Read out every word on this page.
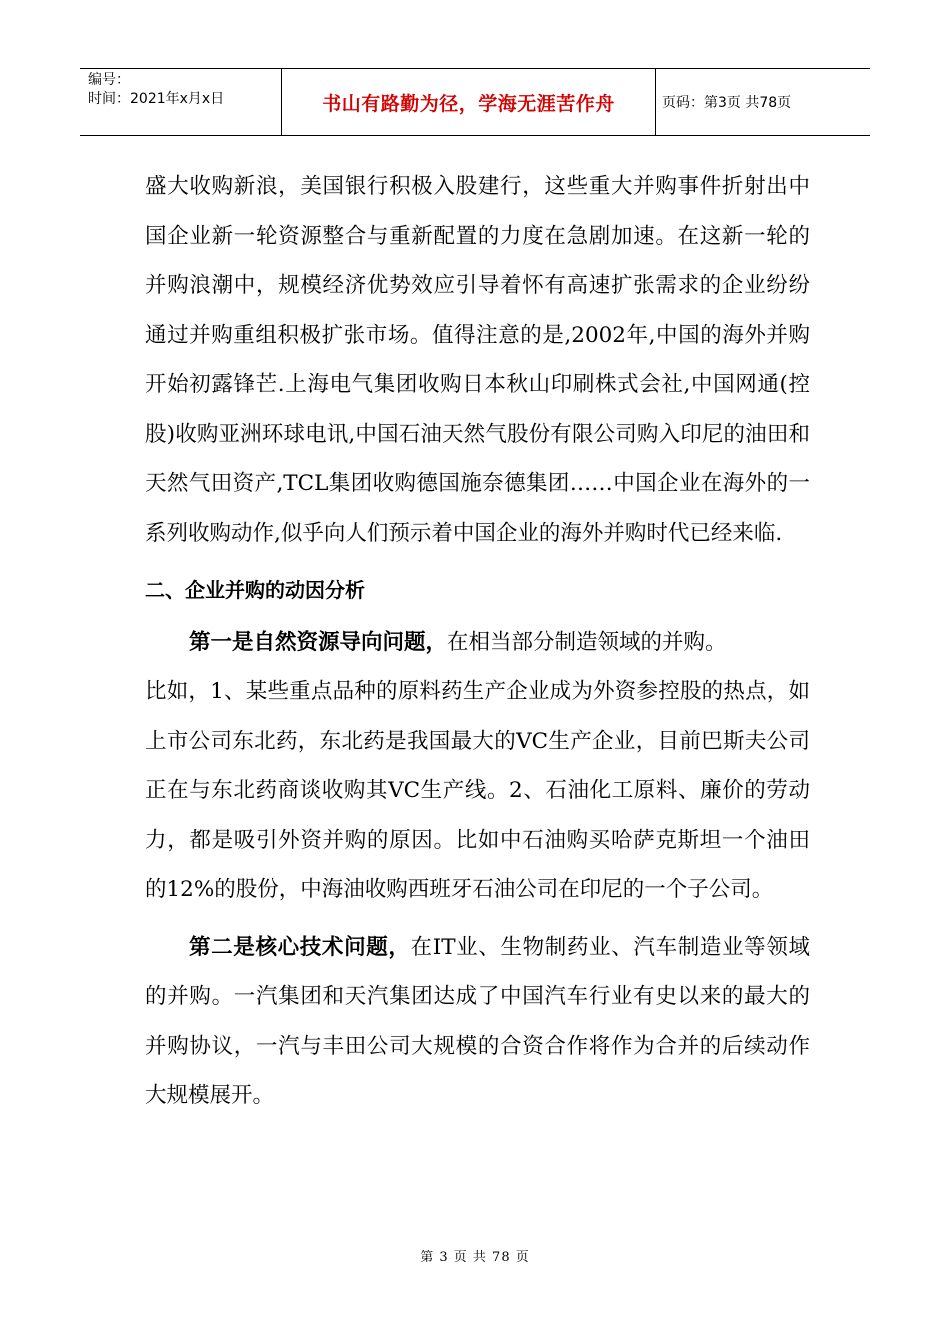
编号：
时间：2021年x月x日	书山有路勤为径，学海无涯苦作舟	页码：第3页 共78页

盛大收购新浪，美国银行积极入股建行，这些重大并购事件折射出中国企业新一轮资源整合与重新配置的力度在急剧加速。在这新一轮的并购浪潮中，规模经济优势效应引导着怀有高速扩张需求的企业纷纷通过并购重组积极扩张市场。值得注意的是,2002年,中国的海外并购开始初露锋芒.上海电气集团收购日本秋山印刷株式会社,中国网通(控股)收购亚洲环球电讯,中国石油天然气股份有限公司购入印尼的油田和天然气田资产,TCL集团收购德国施奈德集团……中国企业在海外的一系列收购动作,似乎向人们预示着中国企业的海外并购时代已经来临.

二、企业并购的动因分析

第一是自然资源导向问题，在相当部分制造领域的并购。

比如，1、某些重点品种的原料药生产企业成为外资参控股的热点，如上市公司东北药，东北药是我国最大的VC生产企业，目前巴斯夫公司正在与东北药商谈收购其VC生产线。2、石油化工原料、廉价的劳动力，都是吸引外资并购的原因。比如中石油购买哈萨克斯坦一个油田的12%的股份，中海油收购西班牙石油公司在印尼的一个子公司。

第二是核心技术问题，在IT业、生物制药业、汽车制造业等领域的并购。一汽集团和天汽集团达成了中国汽车行业有史以来的最大的并购协议，一汽与丰田公司大规模的合资合作将作为合并的后续动作大规模展开。

第 3 页 共 78 页
